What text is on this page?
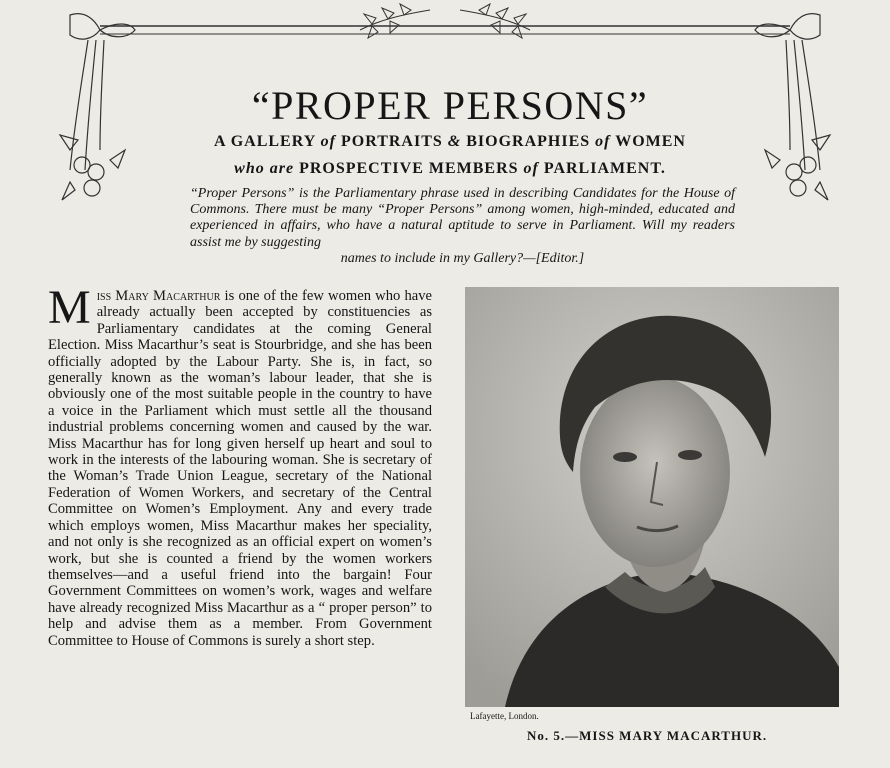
“PROPER PERSONS”

A GALLERY of PORTRAITS & BIOGRAPHIES of WOMEN

who are PROSPECTIVE MEMBERS of PARLIAMENT.

“Proper Persons” is the Parliamentary phrase used in describing Candidates for the House of Commons. There must be many “Proper Persons” among women, high-minded, educated and experienced in affairs, who have a natural aptitude to serve in Parliament. Will my readers assist me by suggesting
names to include in my Gallery?—[Editor.]

Miss Mary Macarthur is one of the few women who have already actually been accepted by constituencies as Parliamentary candidates at the coming General Election. Miss Macarthur’s seat is Stourbridge, and she has been officially adopted by the Labour Party. She is, in fact, so generally known as the woman’s labour leader, that she is obviously one of the most suitable people in the country to have a voice in the Parliament which must settle all the thousand industrial problems concerning women and caused by the war. Miss Macarthur has for long given herself up heart and soul to work in the interests of the labouring woman. She is secretary of the Woman’s Trade Union League, secretary of the National Federation of Women Workers, and secretary of the Central Committee on Women’s Employment. Any and every trade which employs women, Miss Macarthur makes her speciality, and not only is she recognized as an official expert on women’s work, but she is counted a friend by the women workers themselves—and a useful friend into the bargain! Four Government Committees on women’s work, wages and welfare have already recognized Miss Macarthur as a “ proper person” to help and advise them as a member. From Government Committee to House of Commons is surely a short step.

Lafayette, London.

No. 5.—MISS MARY MACARTHUR.
